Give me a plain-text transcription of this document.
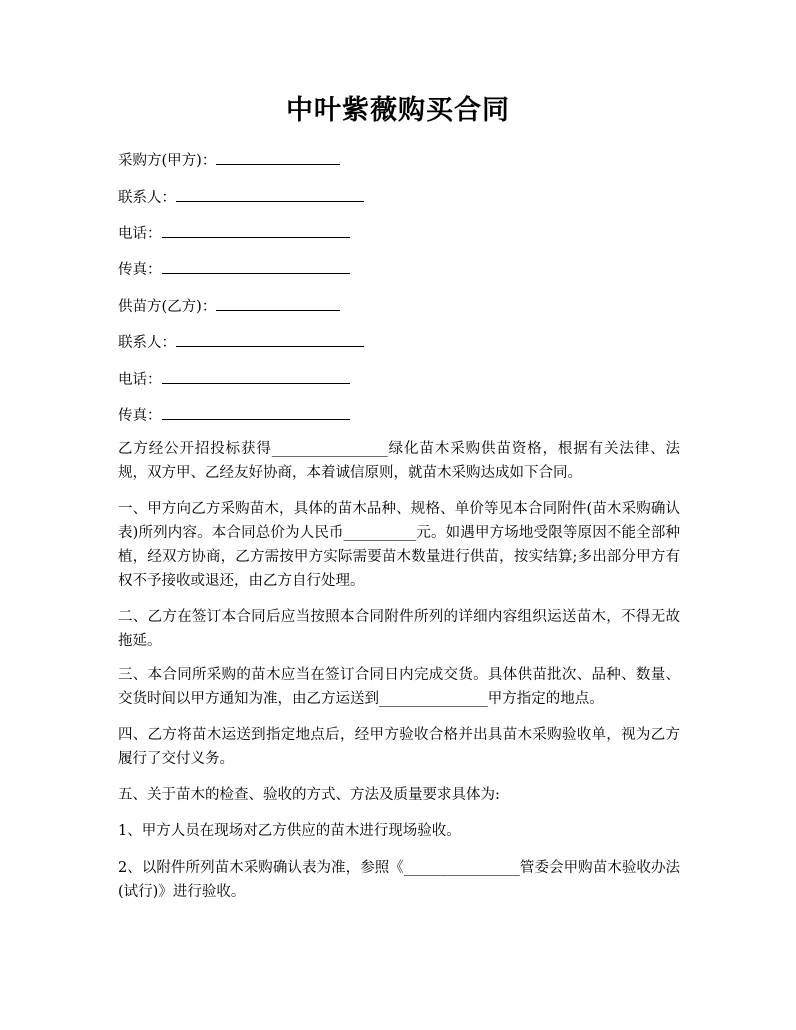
中叶紫薇购买合同
采购方(甲方)：
联系人：
电话：
传真：
供苗方(乙方)：
联系人：
电话：
传真：

乙方经公开招投标获得________________绿化苗木采购供苗资格，根据有关法律、法规，双方甲、乙经友好协商，本着诚信原则，就苗木采购达成如下合同。

一、甲方向乙方采购苗木，具体的苗木品种、规格、单价等见本合同附件(苗木采购确认表)所列内容。本合同总价为人民币__________元。如遇甲方场地受限等原因不能全部种植，经双方协商，乙方需按甲方实际需要苗木数量进行供苗，按实结算;多出部分甲方有权不予接收或退还，由乙方自行处理。

二、乙方在签订本合同后应当按照本合同附件所列的详细内容组织运送苗木，不得无故拖延。

三、本合同所采购的苗木应当在签订合同日内完成交货。具体供苗批次、品种、数量、交货时间以甲方通知为准，由乙方运送到_______________甲方指定的地点。

四、乙方将苗木运送到指定地点后，经甲方验收合格并出具苗木采购验收单，视为乙方履行了交付义务。

五、关于苗木的检查、验收的方式、方法及质量要求具体为:

1、甲方人员在现场对乙方供应的苗木进行现场验收。

2、以附件所列苗木采购确认表为准，参照《________________管委会甲购苗木验收办法(试行)》进行验收。
